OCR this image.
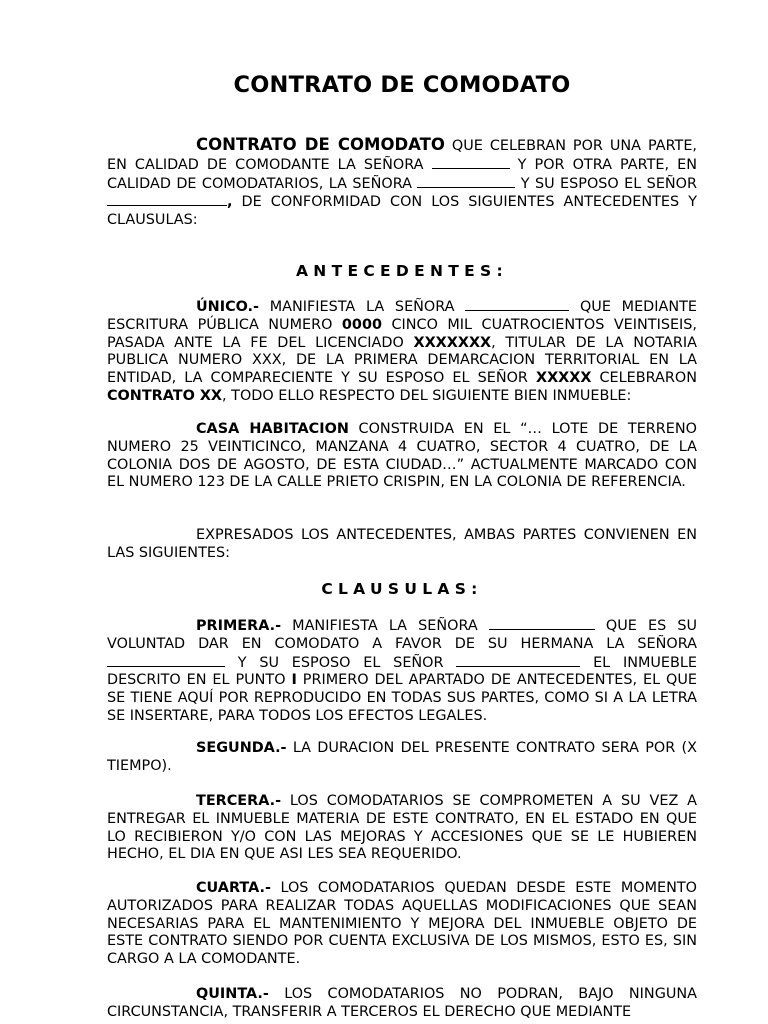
CONTRATO DE COMODATO
CONTRATO DE COMODATO QUE CELEBRAN POR UNA PARTE, EN CALIDAD DE COMODANTE LA SEÑORA	Y POR OTRA PARTE, EN CALIDAD DE COMODATARIOS, LA SEÑORA	Y SU ESPOSO EL SEÑOR , DE CONFORMIDAD CON LOS SIGUIENTES ANTECEDENTES Y CLAUSULAS:
ANTECEDENTES:
ÚNICO.- MANIFIESTA LA SEÑORA	QUE MEDIANTE ESCRITURA PÚBLICA NUMERO 0000 CINCO MIL CUATROCIENTOS VEINTISEIS, PASADA ANTE LA FE DEL LICENCIADO XXXXXXX, TITULAR DE LA NOTARIA PUBLICA NUMERO XXX, DE LA PRIMERA DEMARCACION TERRITORIAL EN LA ENTIDAD, LA COMPARECIENTE Y SU ESPOSO EL SEÑOR XXXXX CELEBRARON CONTRATO XX, TODO ELLO RESPECTO DEL SIGUIENTE BIEN INMUEBLE:
CASA HABITACION CONSTRUIDA EN EL “… LOTE DE TERRENO NUMERO 25 VEINTICINCO, MANZANA 4 CUATRO, SECTOR 4 CUATRO, DE LA COLONIA DOS DE AGOSTO, DE ESTA CIUDAD…” ACTUALMENTE MARCADO CON EL NUMERO 123 DE LA CALLE PRIETO CRISPIN, EN LA COLONIA DE REFERENCIA.
EXPRESADOS LOS ANTECEDENTES, AMBAS PARTES CONVIENEN EN LAS SIGUIENTES:
CLAUSULAS:
PRIMERA.- MANIFIESTA LA SEÑORA	QUE ES SU VOLUNTAD DAR EN COMODATO A FAVOR DE SU HERMANA LA SEÑORA  Y SU ESPOSO EL SEÑOR	EL INMUEBLE DESCRITO EN EL PUNTO I PRIMERO DEL APARTADO DE ANTECEDENTES, EL QUE SE TIENE AQUÍ POR REPRODUCIDO EN TODAS SUS PARTES, COMO SI A LA LETRA SE INSERTARE, PARA TODOS LOS EFECTOS LEGALES.
SEGUNDA.- LA DURACION DEL PRESENTE CONTRATO SERA POR (X TIEMPO).
TERCERA.- LOS COMODATARIOS SE COMPROMETEN A SU VEZ A ENTREGAR EL INMUEBLE MATERIA DE ESTE CONTRATO, EN EL ESTADO EN QUE LO RECIBIERON Y/O CON LAS MEJORAS Y ACCESIONES QUE SE LE HUBIEREN HECHO, EL DIA EN QUE ASI LES SEA REQUERIDO.
CUARTA.- LOS COMODATARIOS QUEDAN DESDE ESTE MOMENTO AUTORIZADOS PARA REALIZAR TODAS AQUELLAS MODIFICACIONES QUE SEAN NECESARIAS PARA EL MANTENIMIENTO Y MEJORA DEL INMUEBLE OBJETO DE ESTE CONTRATO SIENDO POR CUENTA EXCLUSIVA DE LOS MISMOS, ESTO ES, SIN CARGO A LA COMODANTE.
QUINTA.- LOS COMODATARIOS NO PODRAN, BAJO NINGUNA CIRCUNSTANCIA, TRANSFERIR A TERCEROS EL DERECHO QUE MEDIANTE
